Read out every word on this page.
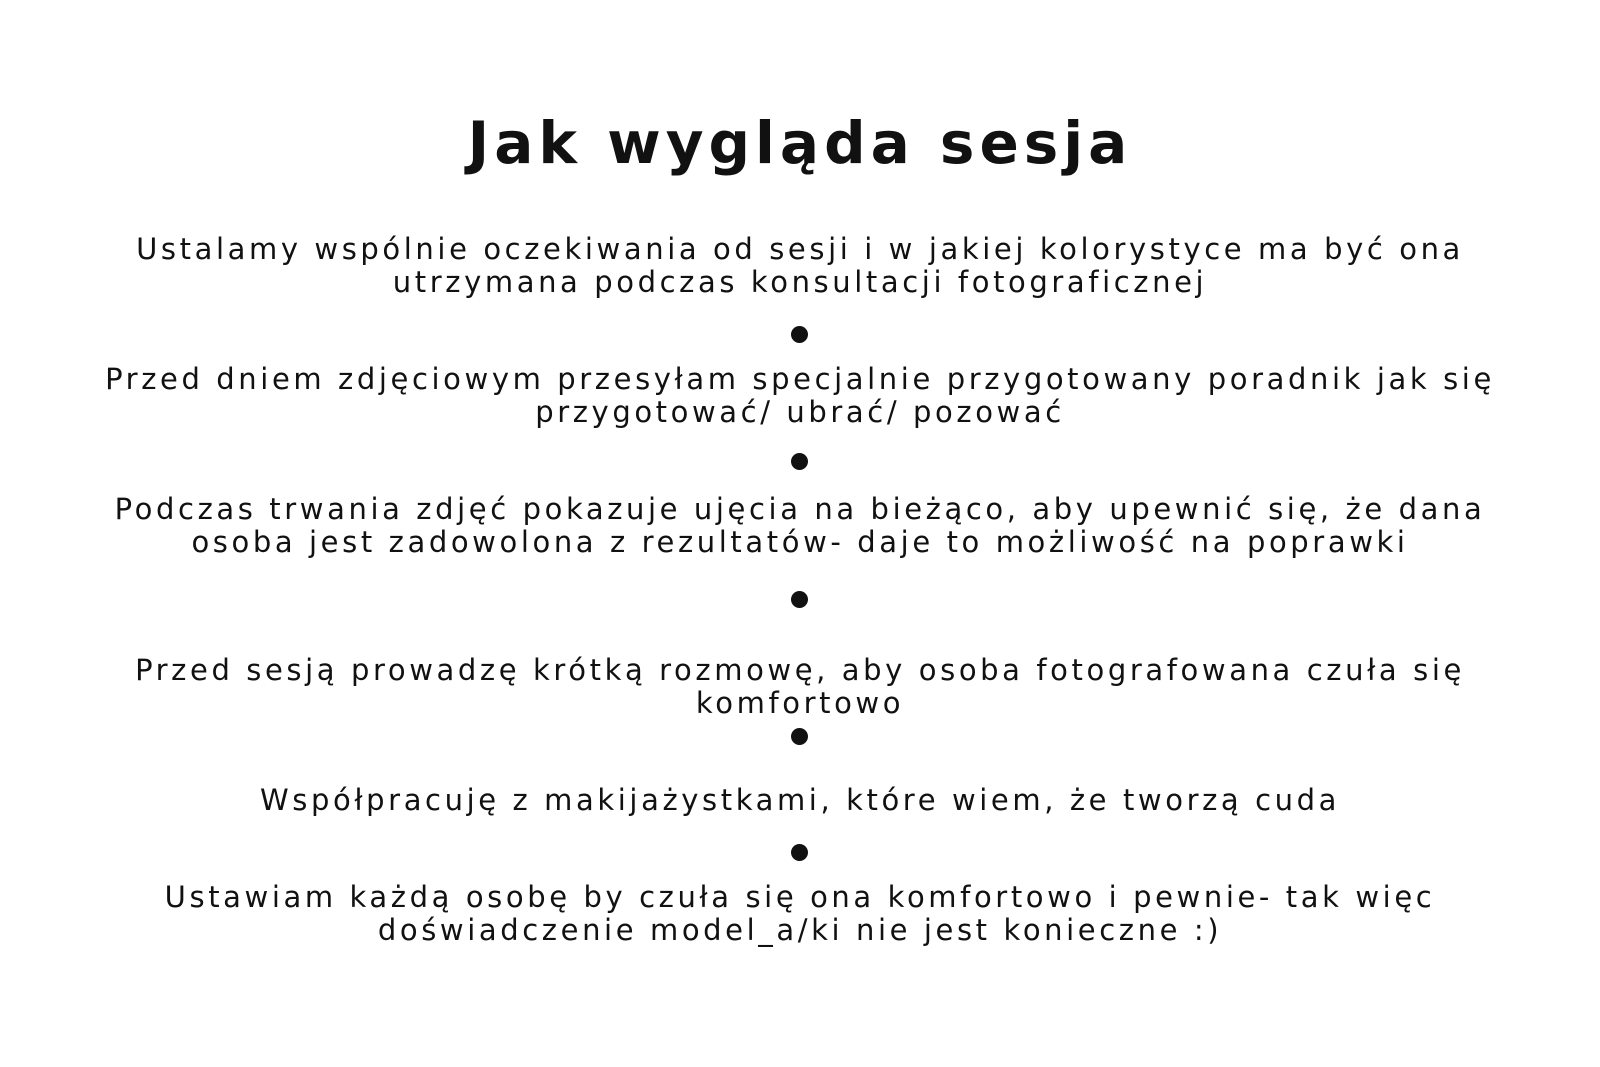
Jak wygląda sesja

Ustalamy wspólnie oczekiwania od sesji i w jakiej kolorystyce ma być ona utrzymana podczas konsultacji fotograficznej

Przed dniem zdjęciowym przesyłam specjalnie przygotowany poradnik jak się przygotować/ ubrać/ pozować

Podczas trwania zdjęć pokazuje ujęcia na bieżąco, aby upewnić się, że dana osoba jest zadowolona z rezultatów- daje to możliwość na poprawki

Przed sesją prowadzę krótką rozmowę, aby osoba fotografowana czuła się komfortowo

Współpracuję z makijażystkami, które wiem, że tworzą cuda

Ustawiam każdą osobę by czuła się ona komfortowo i pewnie- tak więc doświadczenie model_a/ki nie jest konieczne :)
